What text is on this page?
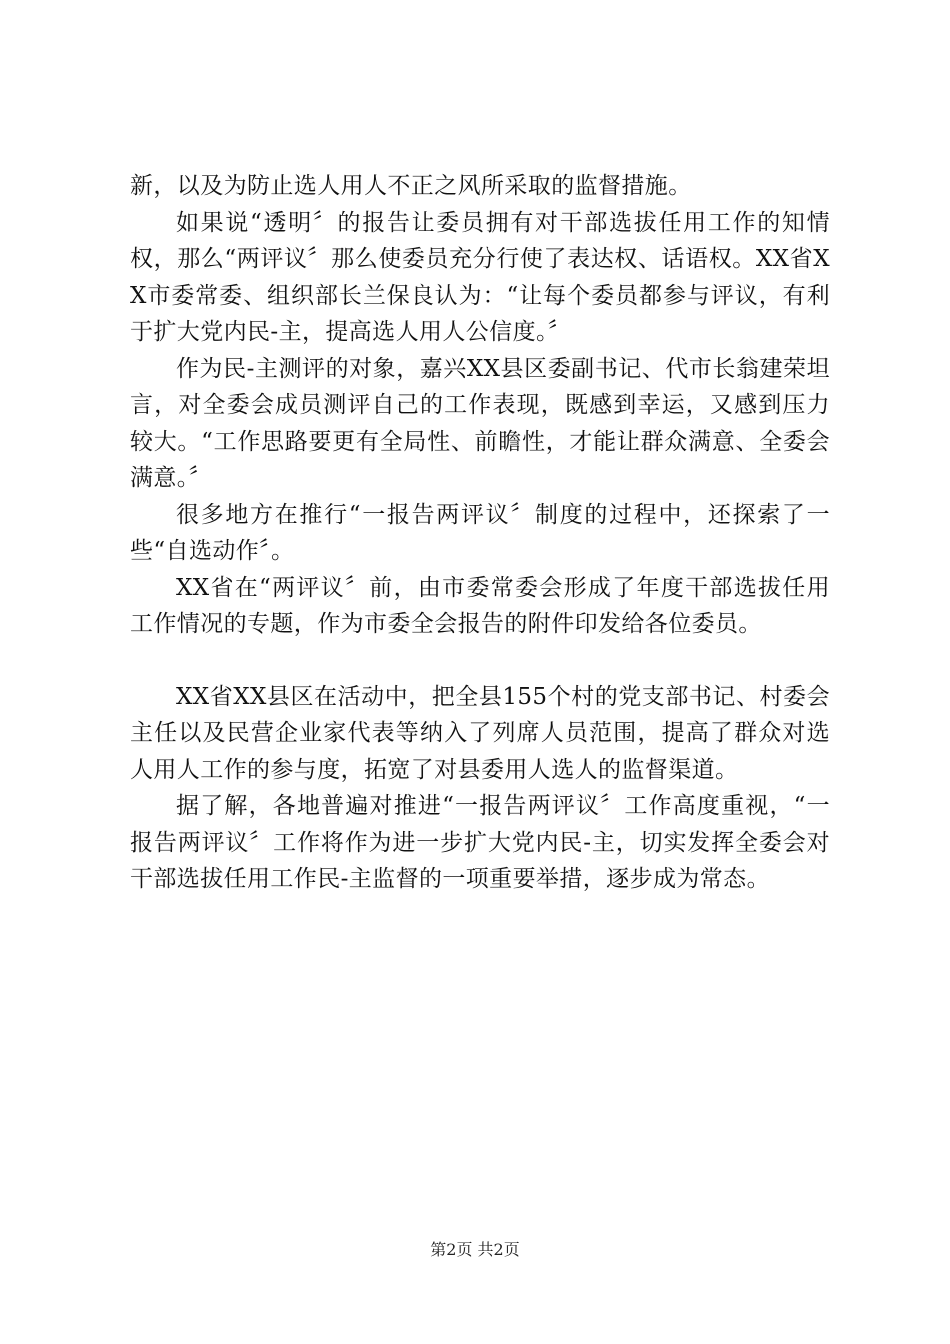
新，以及为防止选人用人不正之风所采取的监督措施。

如果说“透明〞的报告让委员拥有对干部选拔任用工作的知情权，那么“两评议〞那么使委员充分行使了表达权、话语权。XX省XX市委常委、组织部长兰保良认为：“让每个委员都参与评议，有利于扩大党内民-主，提高选人用人公信度。〞

作为民-主测评的对象，嘉兴XX县区委副书记、代市长翁建荣坦言，对全委会成员测评自己的工作表现，既感到幸运，又感到压力较大。“工作思路要更有全局性、前瞻性，才能让群众满意、全委会满意。〞

很多地方在推行“一报告两评议〞制度的过程中，还探索了一些“自选动作〞。

XX省在“两评议〞前，由市委常委会形成了年度干部选拔任用工作情况的专题，作为市委全会报告的附件印发给各位委员。

XX省XX县区在活动中，把全县155个村的党支部书记、村委会主任以及民营企业家代表等纳入了列席人员范围，提高了群众对选人用人工作的参与度，拓宽了对县委用人选人的监督渠道。

据了解，各地普遍对推进“一报告两评议〞工作高度重视，“一报告两评议〞工作将作为进一步扩大党内民-主，切实发挥全委会对干部选拔任用工作民-主监督的一项重要举措，逐步成为常态。

第2页 共2页
